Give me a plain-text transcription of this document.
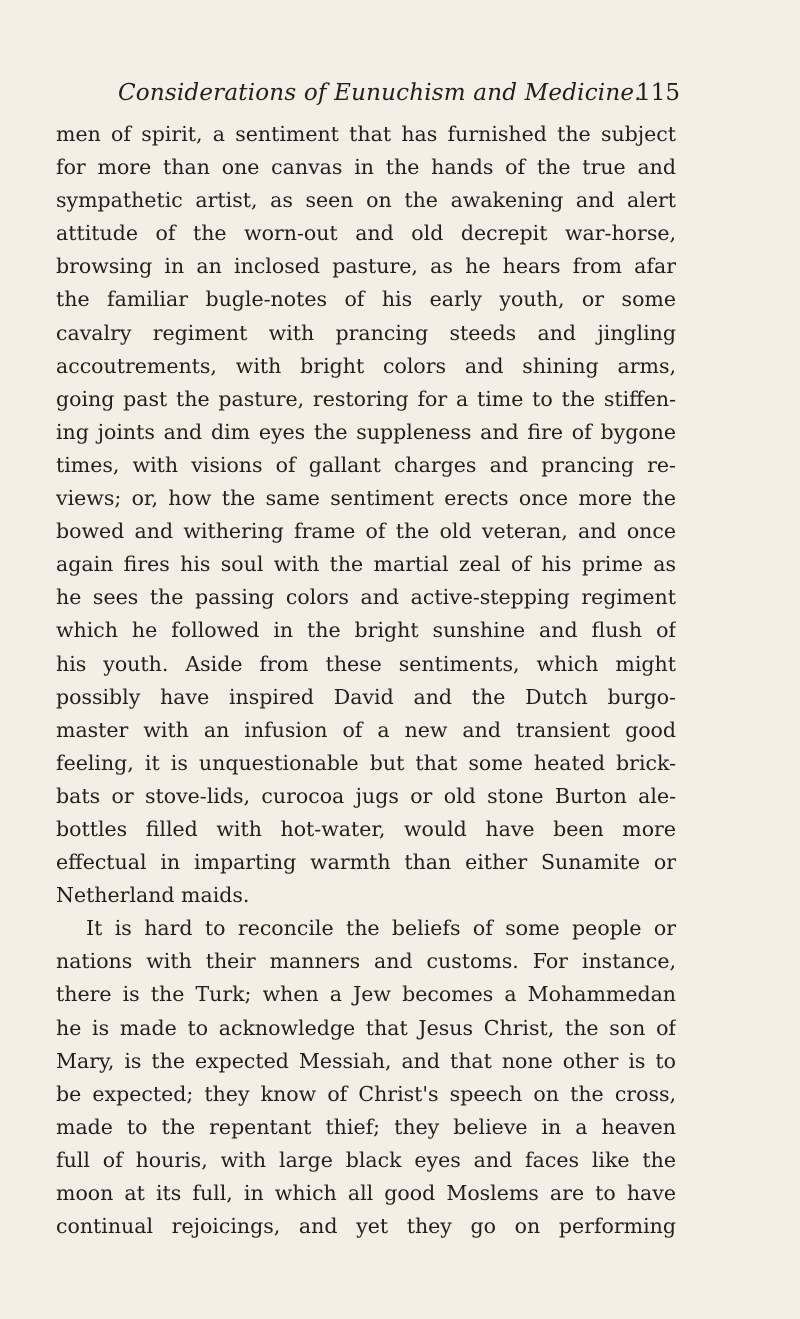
Considerations of Eunuchism and Medicine.
115
men of spirit, a sentiment that has furnished the subject
for more than one canvas in the hands of the true and
sympathetic artist, as seen on the awakening and alert
attitude of the worn-out and old decrepit war-horse,
browsing in an inclosed pasture, as he hears from afar
the familiar bugle-notes of his early youth, or some
cavalry regiment with prancing steeds and jingling
accoutrements, with bright colors and shining arms,
going past the pasture, restoring for a time to the stiffen-
ing joints and dim eyes the suppleness and fire of bygone
times, with visions of gallant charges and prancing re-
views; or, how the same sentiment erects once more the
bowed and withering frame of the old veteran, and once
again fires his soul with the martial zeal of his prime as
he sees the passing colors and active-stepping regiment
which he followed in the bright sunshine and flush of
his youth. Aside from these sentiments, which might
possibly have inspired David and the Dutch burgo-
master with an infusion of a new and transient good
feeling, it is unquestionable but that some heated brick-
bats or stove-lids, curocoa jugs or old stone Burton ale-
bottles filled with hot-water, would have been more
effectual in imparting warmth than either Sunamite or
Netherland maids.
It is hard to reconcile the beliefs of some people or
nations with their manners and customs. For instance,
there is the Turk; when a Jew becomes a Mohammedan
he is made to acknowledge that Jesus Christ, the son of
Mary, is the expected Messiah, and that none other is to
be expected; they know of Christ's speech on the cross,
made to the repentant thief; they believe in a heaven
full of houris, with large black eyes and faces like the
moon at its full, in which all good Moslems are to have
continual rejoicings, and yet they go on performing
